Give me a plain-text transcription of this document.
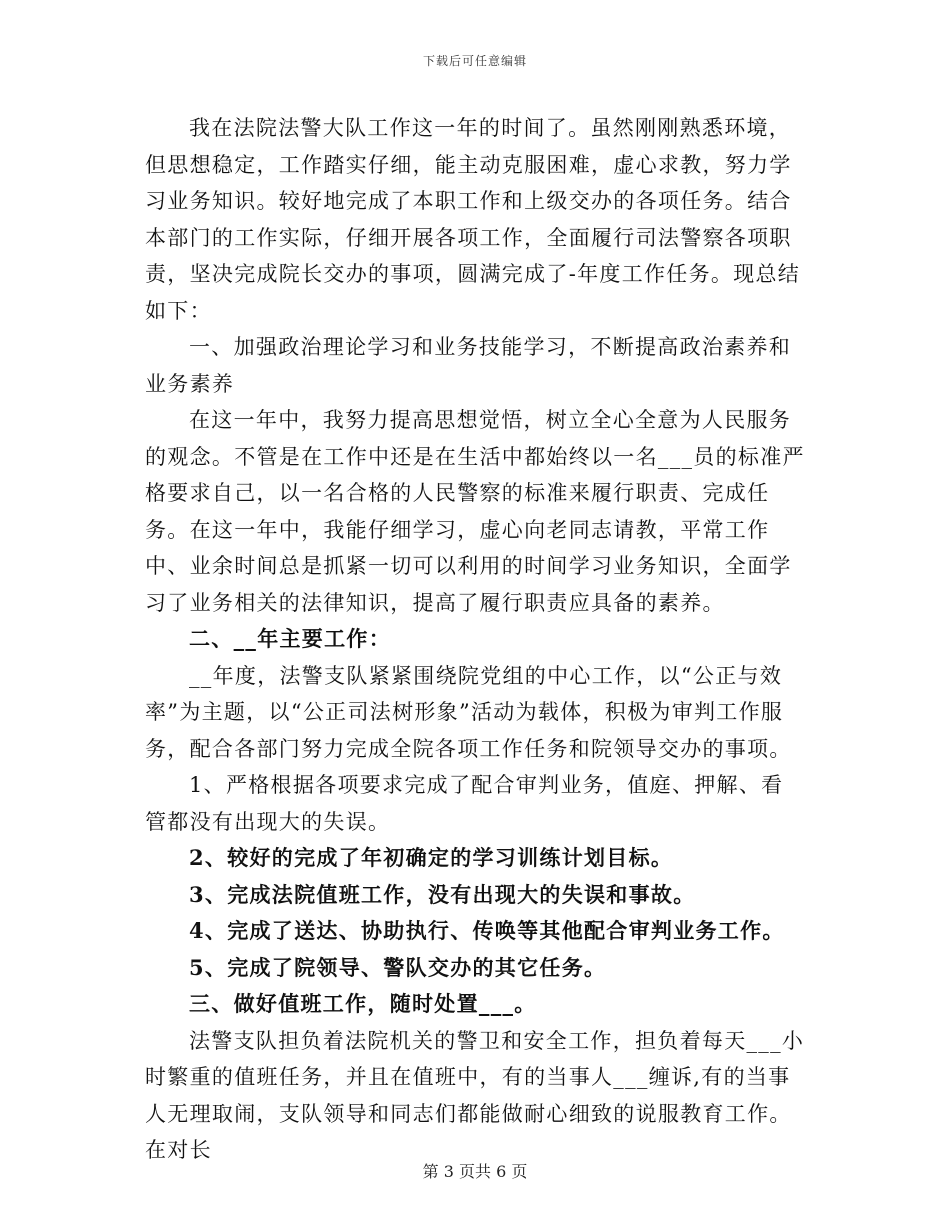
下载后可任意编辑

我在法院法警大队工作这一年的时间了。虽然刚刚熟悉环境，但思想稳定，工作踏实仔细，能主动克服困难，虚心求教，努力学习业务知识。较好地完成了本职工作和上级交办的各项任务。结合本部门的工作实际，仔细开展各项工作，全面履行司法警察各项职责，坚决完成院长交办的事项，圆满完成了-年度工作任务。现总结如下：

一、加强政治理论学习和业务技能学习，不断提高政治素养和业务素养

在这一年中，我努力提高思想觉悟，树立全心全意为人民服务的观念。不管是在工作中还是在生活中都始终以一名___员的标准严格要求自己，以一名合格的人民警察的标准来履行职责、完成任务。在这一年中，我能仔细学习，虚心向老同志请教，平常工作中、业余时间总是抓紧一切可以利用的时间学习业务知识，全面学习了业务相关的法律知识，提高了履行职责应具备的素养。

二、__年主要工作：

__年度，法警支队紧紧围绕院党组的中心工作，以“公正与效率”为主题，以“公正司法树形象”活动为载体，积极为审判工作服务，配合各部门努力完成全院各项工作任务和院领导交办的事项。

1、严格根据各项要求完成了配合审判业务，值庭、押解、看管都没有出现大的失误。

2、较好的完成了年初确定的学习训练计划目标。

3、完成法院值班工作，没有出现大的失误和事故。

4、完成了送达、协助执行、传唤等其他配合审判业务工作。

5、完成了院领导、警队交办的其它任务。

三、做好值班工作，随时处置___。

法警支队担负着法院机关的警卫和安全工作，担负着每天___小时繁重的值班任务，并且在值班中，有的当事人___缠诉,有的当事人无理取闹，支队领导和同志们都能做耐心细致的说服教育工作。在对长

第 3 页共 6 页
